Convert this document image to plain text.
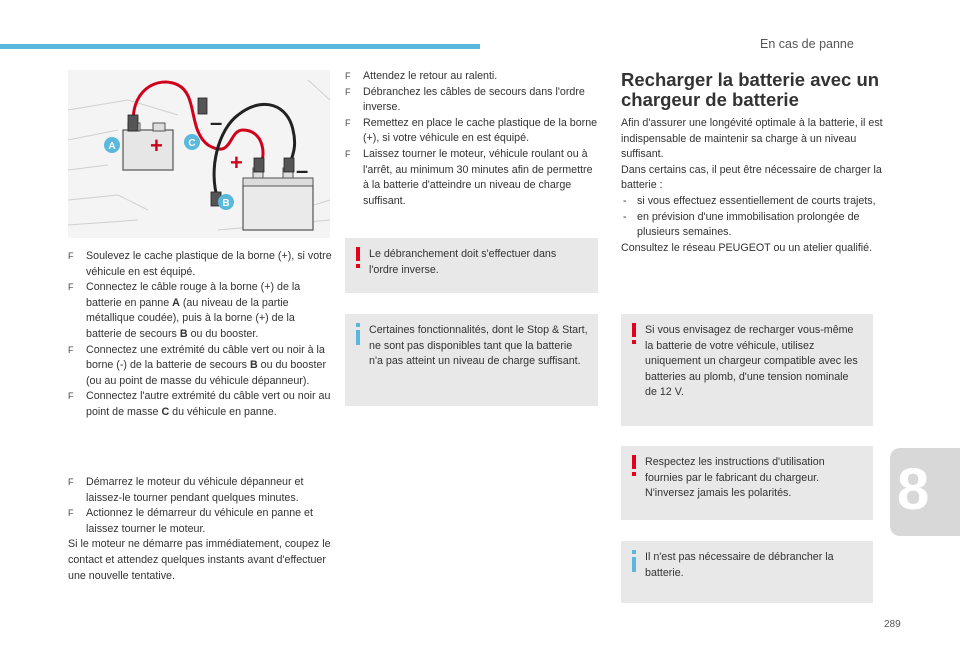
En cas de panne
+
–
+ –
A	C
B

F Soulevez le cache plastique de la borne (+), si votre véhicule en est équipé.

F Connectez le câble rouge à la borne (+) de la batterie en panne A (au niveau de la partie métallique coudée), puis à la borne (+) de la batterie de secours B ou du booster.

F Connectez une extrémité du câble vert ou noir à la borne (-) de la batterie de secours B ou du booster (ou au point de masse du véhicule dépanneur).

F Connectez l'autre extrémité du câble vert ou noir au point de masse C du véhicule en panne.

F Démarrez le moteur du véhicule dépanneur et laissez-le tourner pendant quelques minutes.

F Actionnez le démarreur du véhicule en panne et laissez tourner le moteur.

Si le moteur ne démarre pas immédiatement, coupez le contact et attendez quelques instants avant d'effectuer une nouvelle tentative.

F Attendez le retour au ralenti.

F Débranchez les câbles de secours dans l'ordre inverse.

F Remettez en place le cache plastique de la borne (+), si votre véhicule en est équipé.

F Laissez tourner le moteur, véhicule roulant ou à l'arrêt, au minimum 30 minutes afin de permettre à la batterie d'atteindre un niveau de charge suffisant.

Le débranchement doit s'effectuer dans l'ordre inverse.

Certaines fonctionnalités, dont le Stop & Start, ne sont pas disponibles tant que la batterie n'a pas atteint un niveau de charge suffisant.

Recharger la batterie avec un chargeur de batterie

Afin d'assurer une longévité optimale à la batterie, il est indispensable de maintenir sa charge à un niveau suffisant.

Dans certains cas, il peut être nécessaire de charger la batterie :

- si vous effectuez essentiellement de courts trajets,

- en prévision d'une immobilisation prolongée de plusieurs semaines.

Consultez le réseau PEUGEOT ou un atelier qualifié.

Si vous envisagez de recharger vous-même la batterie de votre véhicule, utilisez uniquement un chargeur compatible avec les batteries au plomb, d'une tension nominale de 12 V.

Respectez les instructions d'utilisation fournies par le fabricant du chargeur. N'inversez jamais les polarités.

Il n'est pas nécessaire de débrancher la batterie.

8
289
